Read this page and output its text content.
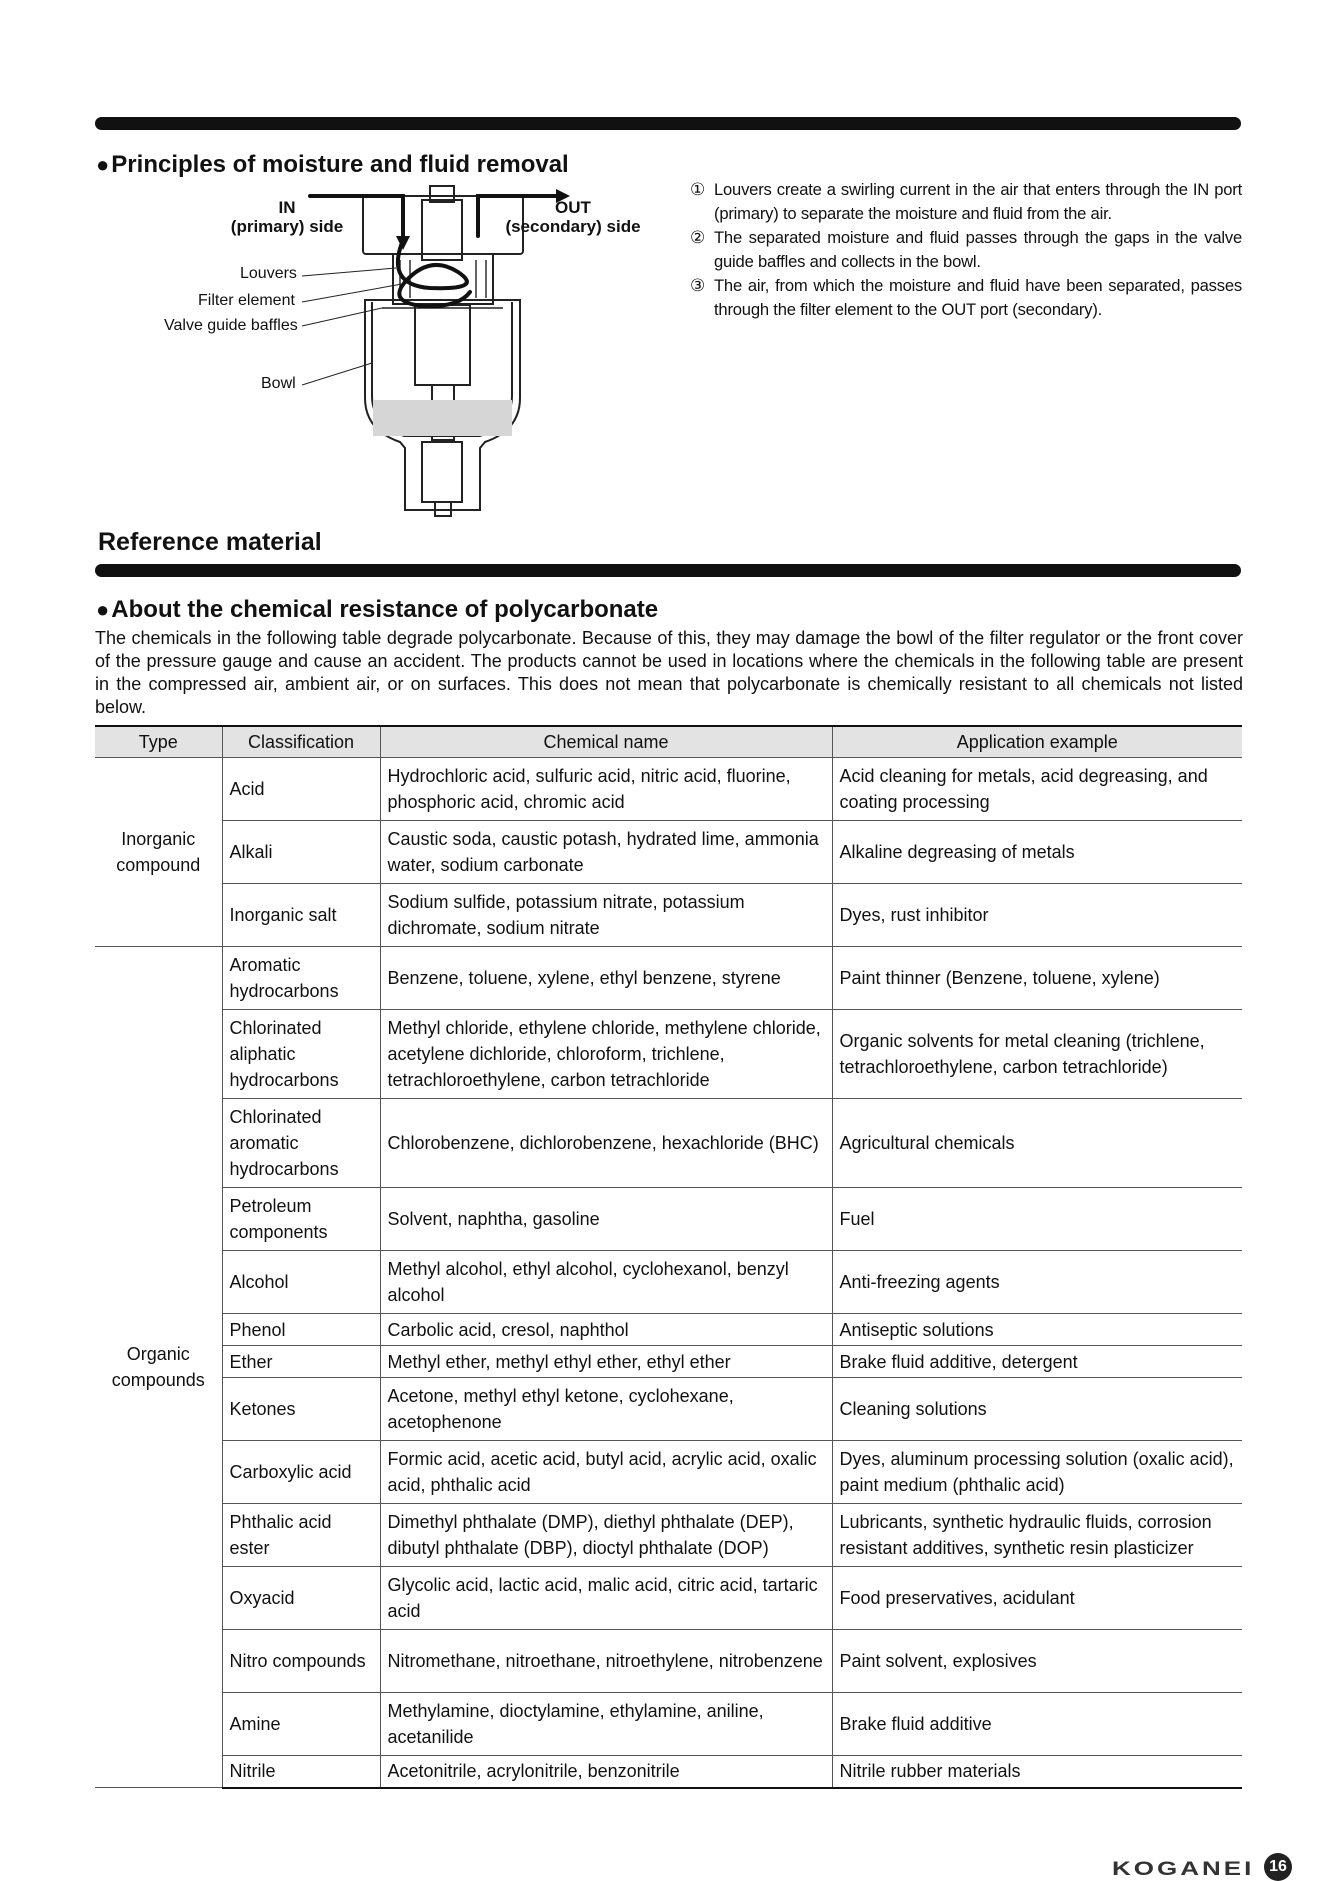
●Principles of moisture and fluid removal
IN
(primary) side
OUT
(secondary) side
Louvers
Filter element
Valve guide baffles
Bowl
① Louvers create a swirling current in the air that enters through the IN port (primary) to separate the moisture and fluid from the air.
② The separated moisture and fluid passes through the gaps in the valve guide baffles and collects in the bowl.
③ The air, from which the moisture and fluid have been separated, passes through the filter element to the OUT port (secondary).
Reference material
●About the chemical resistance of polycarbonate

The chemicals in the following table degrade polycarbonate. Because of this, they may damage the bowl of the filter regulator or the front cover of the pressure gauge and cause an accident. The products cannot be used in locations where the chemicals in the following table are present in the compressed air, ambient air, or on surfaces. This does not mean that polycarbonate is chemically resistant to all chemicals not listed below.

Type	Classification	Chemical name	Application example
Inorganic compound	Acid	Hydrochloric acid, sulfuric acid, nitric acid, fluorine, phosphoric acid, chromic acid	Acid cleaning for metals, acid degreasing, and coating processing
	Alkali	Caustic soda, caustic potash, hydrated lime, ammonia water, sodium carbonate	Alkaline degreasing of metals
	Inorganic salt	Sodium sulfide, potassium nitrate, potassium dichromate, sodium nitrate	Dyes, rust inhibitor
Organic compounds	Aromatic hydrocarbons	Benzene, toluene, xylene, ethyl benzene, styrene	Paint thinner (Benzene, toluene, xylene)
	Chlorinated aliphatic hydrocarbons	Methyl chloride, ethylene chloride, methylene chloride, acetylene dichloride, chloroform, trichlene, tetrachloroethylene, carbon tetrachloride	Organic solvents for metal cleaning (trichlene, tetrachloroethylene, carbon tetrachloride)
	Chlorinated aromatic hydrocarbons	Chlorobenzene, dichlorobenzene, hexachloride (BHC)	Agricultural chemicals
	Petroleum components	Solvent, naphtha, gasoline	Fuel
	Alcohol	Methyl alcohol, ethyl alcohol, cyclohexanol, benzyl alcohol	Anti-freezing agents
	Phenol	Carbolic acid, cresol, naphthol	Antiseptic solutions
	Ether	Methyl ether, methyl ethyl ether, ethyl ether	Brake fluid additive, detergent
	Ketones	Acetone, methyl ethyl ketone, cyclohexane, acetophenone	Cleaning solutions
	Carboxylic acid	Formic acid, acetic acid, butyl acid, acrylic acid, oxalic acid, phthalic acid	Dyes, aluminum processing solution (oxalic acid), paint medium (phthalic acid)
	Phthalic acid ester	Dimethyl phthalate (DMP), diethyl phthalate (DEP), dibutyl phthalate (DBP), dioctyl phthalate (DOP)	Lubricants, synthetic hydraulic fluids, corrosion resistant additives, synthetic resin plasticizer
	Oxyacid	Glycolic acid, lactic acid, malic acid, citric acid, tartaric acid	Food preservatives, acidulant
	Nitro compounds	Nitromethane, nitroethane, nitroethylene, nitrobenzene	Paint solvent, explosives
	Amine	Methylamine, dioctylamine, ethylamine, aniline, acetanilide	Brake fluid additive
	Nitrile	Acetonitrile, acrylonitrile, benzonitrile	Nitrile rubber materials
KOGANEI 16
